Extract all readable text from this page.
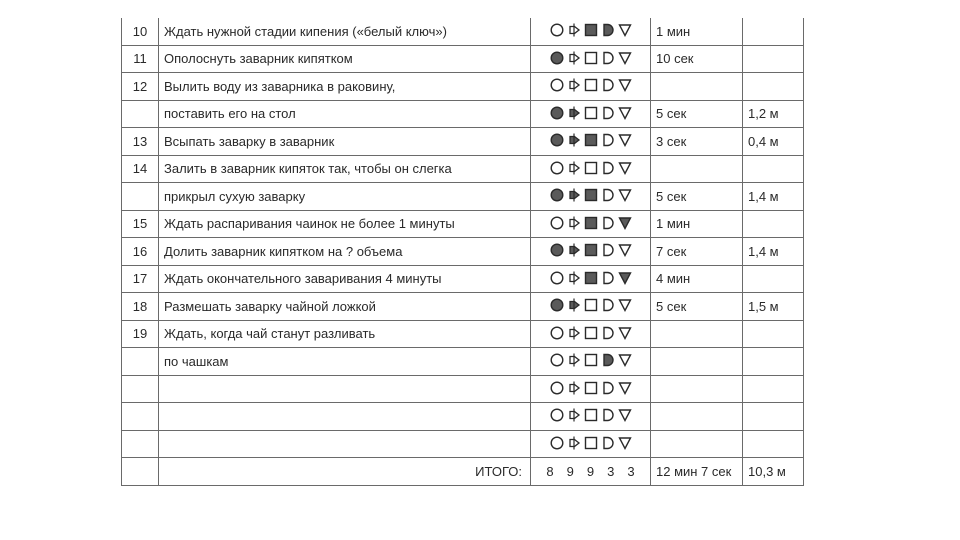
10	Ждать нужной стадии кипения («белый ключ»)		1 мин	
11	Ополоснуть заварник кипятком		10 сек	
12	Вылить воду из заварника в раковину,	

	поставить его на стол		5 сек	1,2 м
13	Всыпать заварку в заварник		3 сек	0,4 м
14	Залить в заварник кипяток так, чтобы он слегка	

	прикрыл сухую заварку		5 сек	1,4 м
15	Ждать распаривания чаинок не более 1 минуты		1 мин	
16	Долить заварник кипятком на ? объема		7 сек	1,4 м
17	Ждать окончательного заваривания 4 минуты		4 мин	
18	Размешать заварку чайной ложкой		5 сек	1,5 м
19	Ждать, когда чай станут разливать	

	по чашкам	

	ИТОГО:	8 9 9 3 3	12 мин 7 сек	10,3 м
